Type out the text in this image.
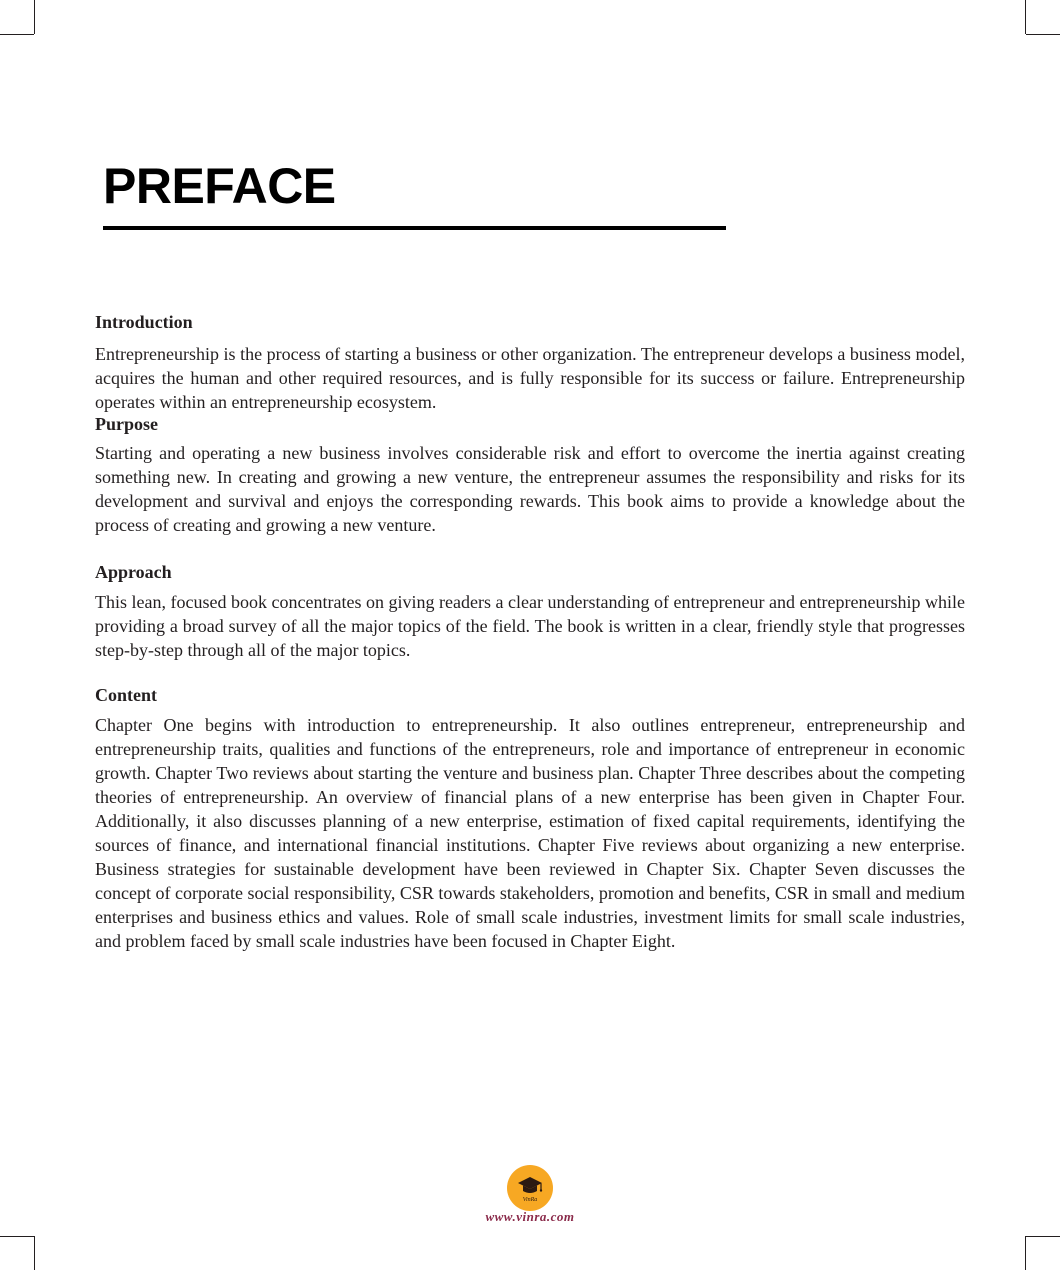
PREFACE
Introduction

Entrepreneurship is the process of starting a business or other organization. The entrepreneur develops a business model, acquires the human and other required resources, and is fully responsible for its success or failure. Entrepreneurship operates within an entrepreneurship ecosystem.

Purpose

Starting and operating a new business involves considerable risk and effort to overcome the inertia against creating something new. In creating and growing a new venture, the entrepreneur assumes the responsibility and risks for its development and survival and enjoys the corresponding rewards. This book aims to provide a knowledge about the process of creating and growing a new venture.

Approach

This lean, focused book concentrates on giving readers a clear understanding of entrepreneur and entrepreneurship while providing a broad survey of all the major topics of the field. The book is written in a clear, friendly style that progresses step-by-step through all of the major topics.

Content

Chapter One begins with introduction to entrepreneurship. It also outlines entrepreneur, entrepreneurship and entrepreneurship traits, qualities and functions of the entrepreneurs, role and importance of entrepreneur in economic growth. Chapter Two reviews about starting the venture and business plan. Chapter Three describes about the competing theories of entrepreneurship. An overview of financial plans of a new enterprise has been given in Chapter Four. Additionally, it also discusses planning of a new enterprise, estimation of fixed capital requirements, identifying the sources of finance, and international financial institutions. Chapter Five reviews about organizing a new enterprise. Business strategies for sustainable development have been reviewed in Chapter Six. Chapter Seven discusses the concept of corporate social responsibility, CSR towards stakeholders, promotion and benefits, CSR in small and medium enterprises and business ethics and values. Role of small scale industries, investment limits for small scale industries, and problem faced by small scale industries have been focused in Chapter Eight.

VinRa
www.vinra.com
